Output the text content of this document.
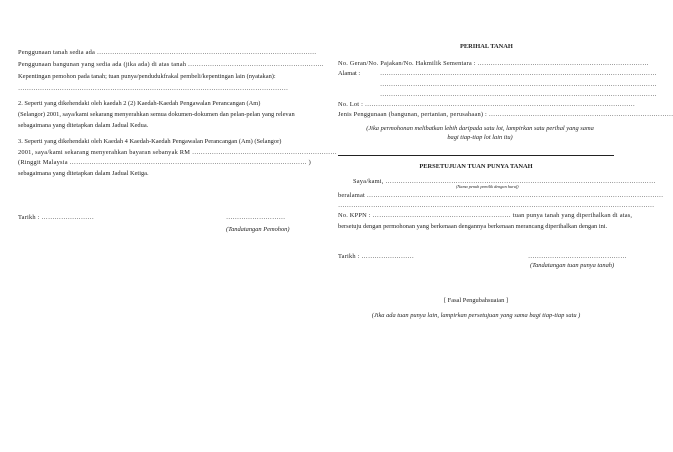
Penggunaan tanah sedia ada ……………………………………………………………………………………….
Penggunaan bangunan yang sedia ada (jika ada) di atas tanah ……………………………………………………..
Kepentingan pemohon pada tanah; tuan punya/pendudukfrakal pembeli/kepentingan lain (nyatakan):
……………………………………………………………………………………………………………
2. Seperti yang dikehendaki oleh kaedah 2 (2) Kaedah-Kaedah Pengawalan Perancangan (Am)
(Selangor) 2001, saya/kami sekarang menyerahkan semua dokumen-dokumen dan pelan-pelan yang relevan
sebagaimana yang ditetapkan dalam Jadual Kedua.
3. Seperti yang dikehendaki oleh Kaedah 4 Kaedah-Kaedah Pengawalan Perancangan (Am) (Selangor)
2001, saya/kami sekarang menyerahkan bayaran sebanyak RM …………………………………………………………
(Ringgit Malaysia ……………………………………………………………………………………………… )
sebagaimana yang ditetapkan dalam Jadual Ketiga.
Tarikh : ……………………	………………………
(Tandatangan Pemohon)
PERIHAL TANAH
No. Geran/No. Pajakan/No. Hakmilik Sementara : ……………………………………………………………………
Alamat :	………………………………………………………………………………………………………………
………………………………………………………………………………………………………………
………………………………………………………………………………………………………………
No. Lot : ……………………………………………………………………………………………………………
Jenis Penggunaan (bangunan, pertanian, perusahaan) : …………………………………………………………………………
(Jika permohonan melibatkan lebih daripada satu lot, lampirkan satu perihal yang sama
bagi tiap-tiap lot lain itu)
PERSETUJUAN TUAN PUNYA TANAH
Saya/kami, ……………………………………………………………………………………………………………
(Nama penuh pemilik dengan huruf)
beralamat ………………………………………………………………………………………………………………………
………………………………………………………………………………………………………………………………
No. KPPN : ……………………………………………………… tuan punya tanah yang diperihalkan di atas,
bersetuju dengan permohonan yang berkenaan dengannya berkenaan merancang diperihalkan dengan ini.
Tarikh : ……………………	………………………………………
(Tandatangan tuan punya tanah)
[ Fasal Pengubahsuaian ]
(Jika ada tuan punya lain, lampirkan persetujuan yang sama bagi tiap-tiap satu )
